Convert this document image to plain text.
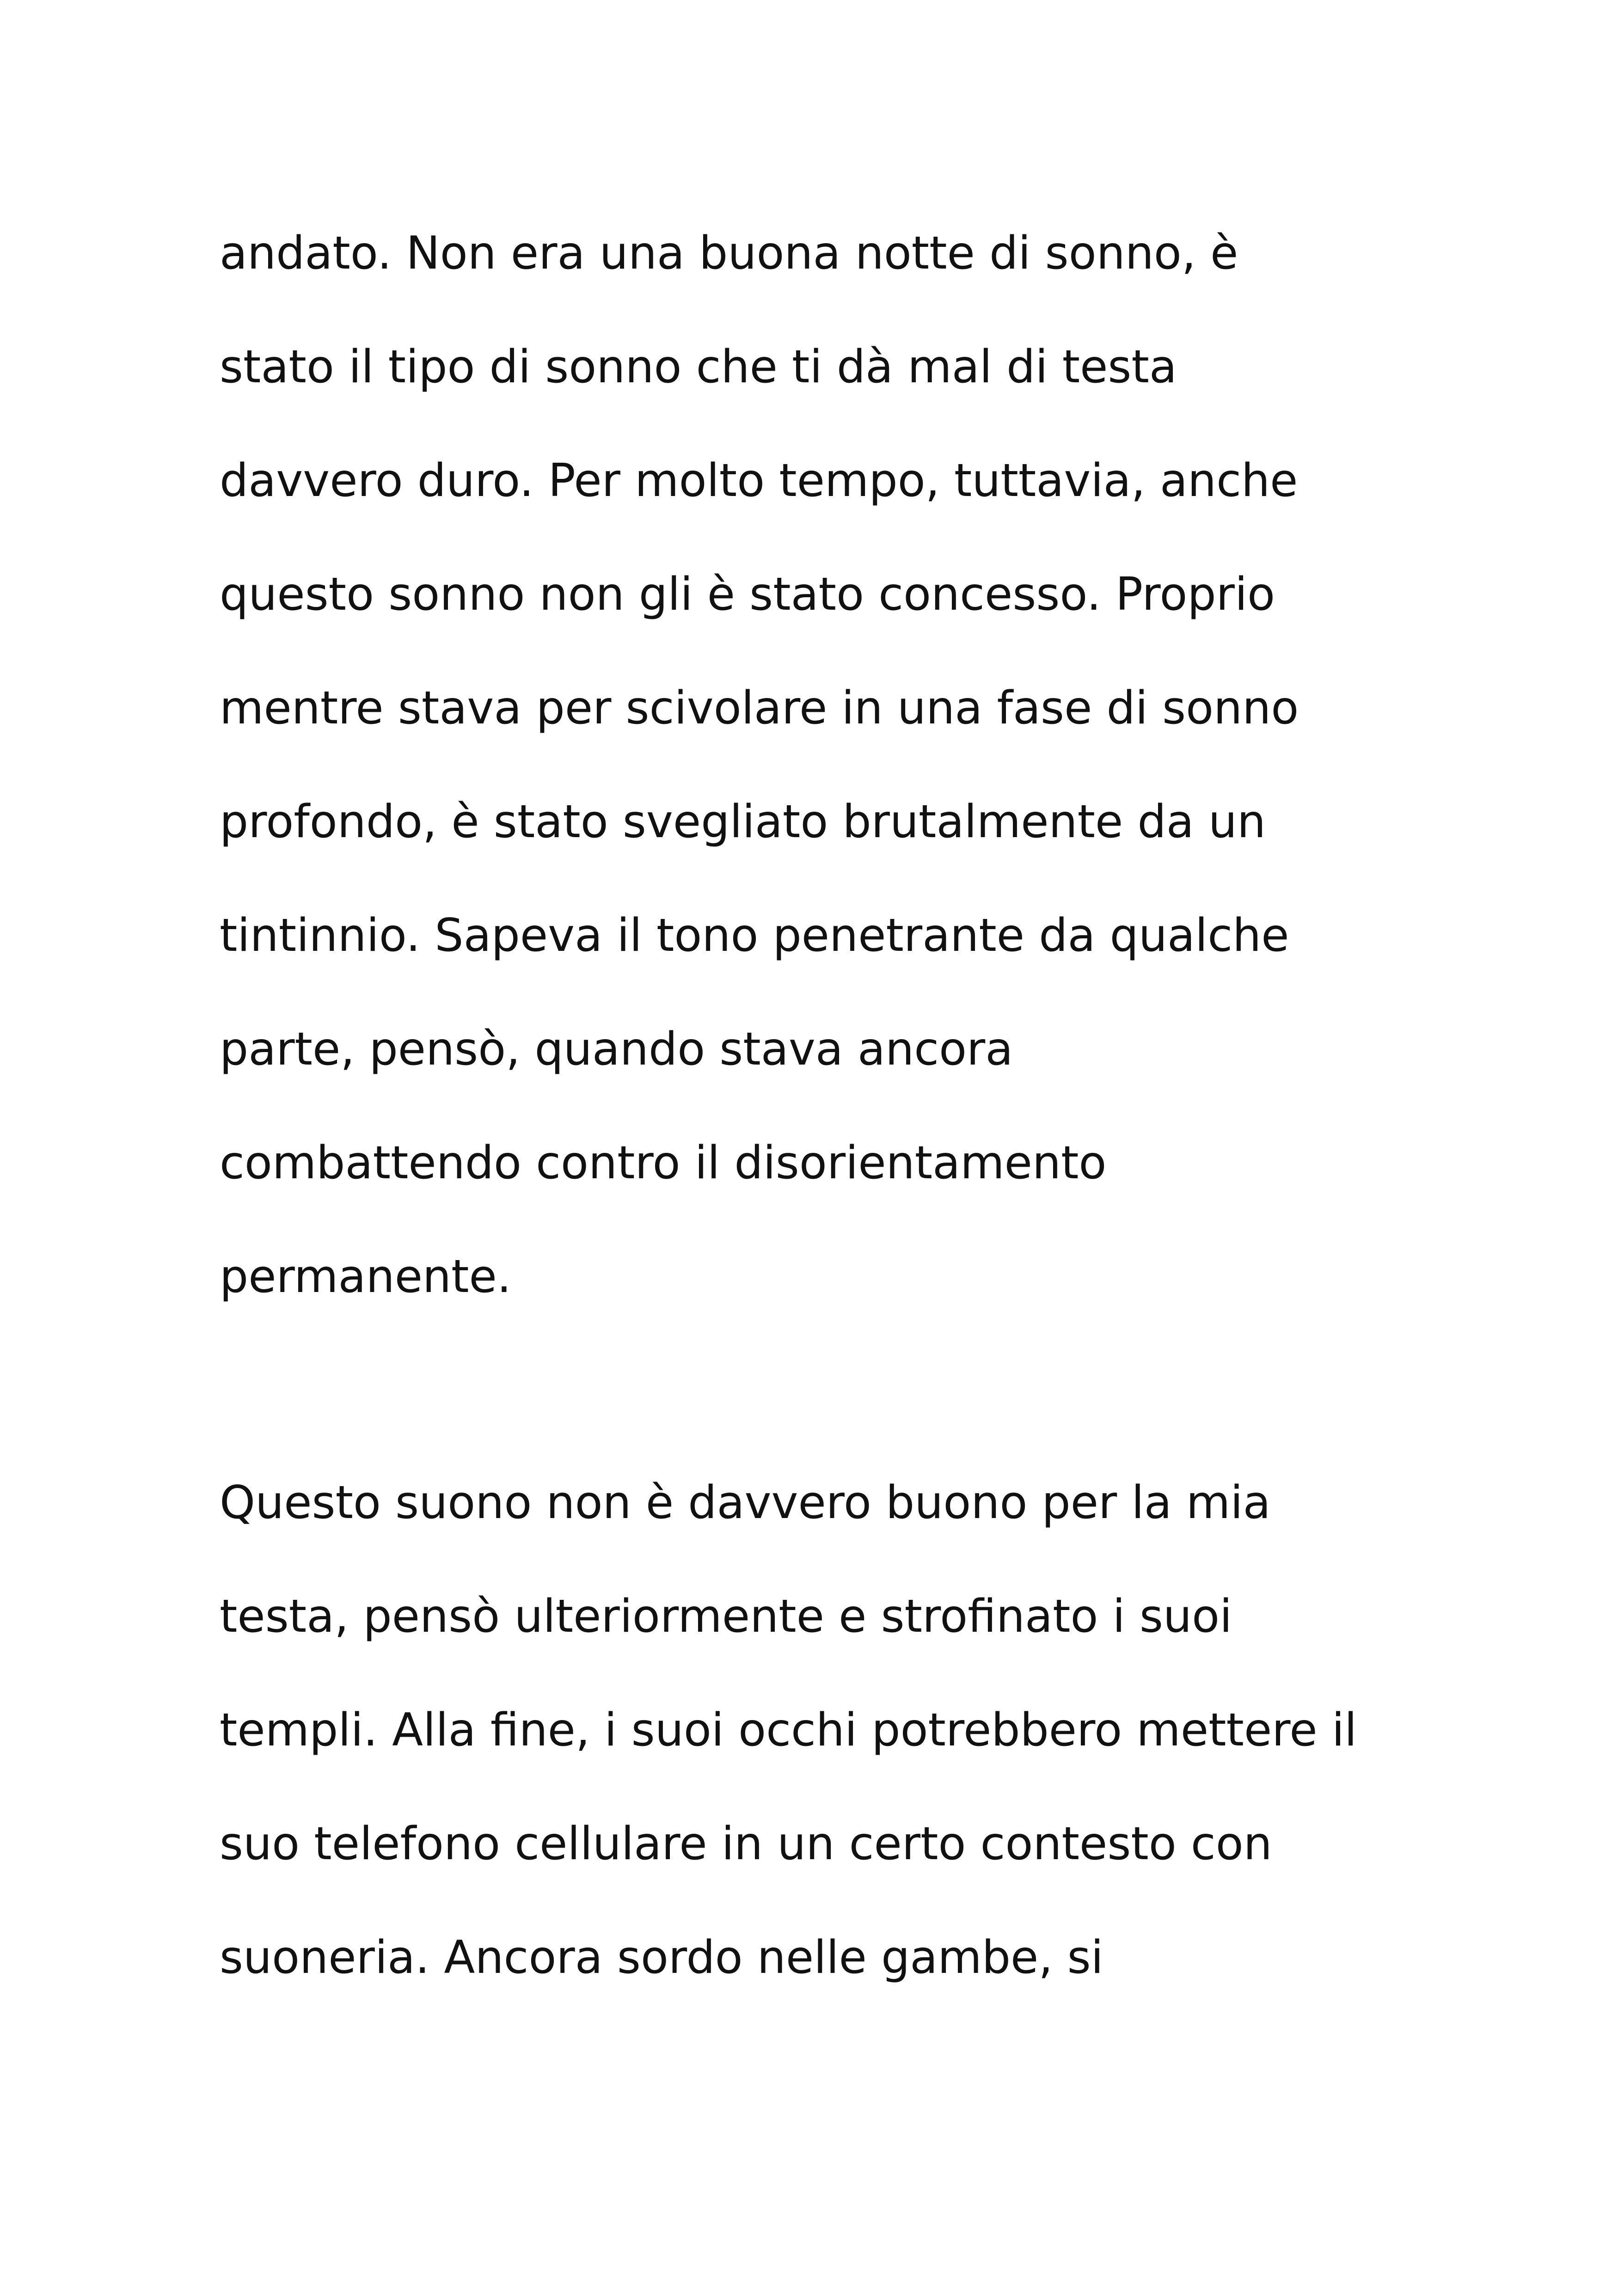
andato. Non era una buona notte di sonno, è
stato il tipo di sonno che ti dà mal di testa
davvero duro. Per molto tempo, tuttavia, anche
questo sonno non gli è stato concesso. Proprio
mentre stava per scivolare in una fase di sonno
profondo, è stato svegliato brutalmente da un
tintinnio. Sapeva il tono penetrante da qualche
parte, pensò, quando stava ancora
combattendo contro il disorientamento
permanente.
Questo suono non è davvero buono per la mia
testa, pensò ulteriormente e strofinato i suoi
templi. Alla fine, i suoi occhi potrebbero mettere il
suo telefono cellulare in un certo contesto con
suoneria. Ancora sordo nelle gambe, si
